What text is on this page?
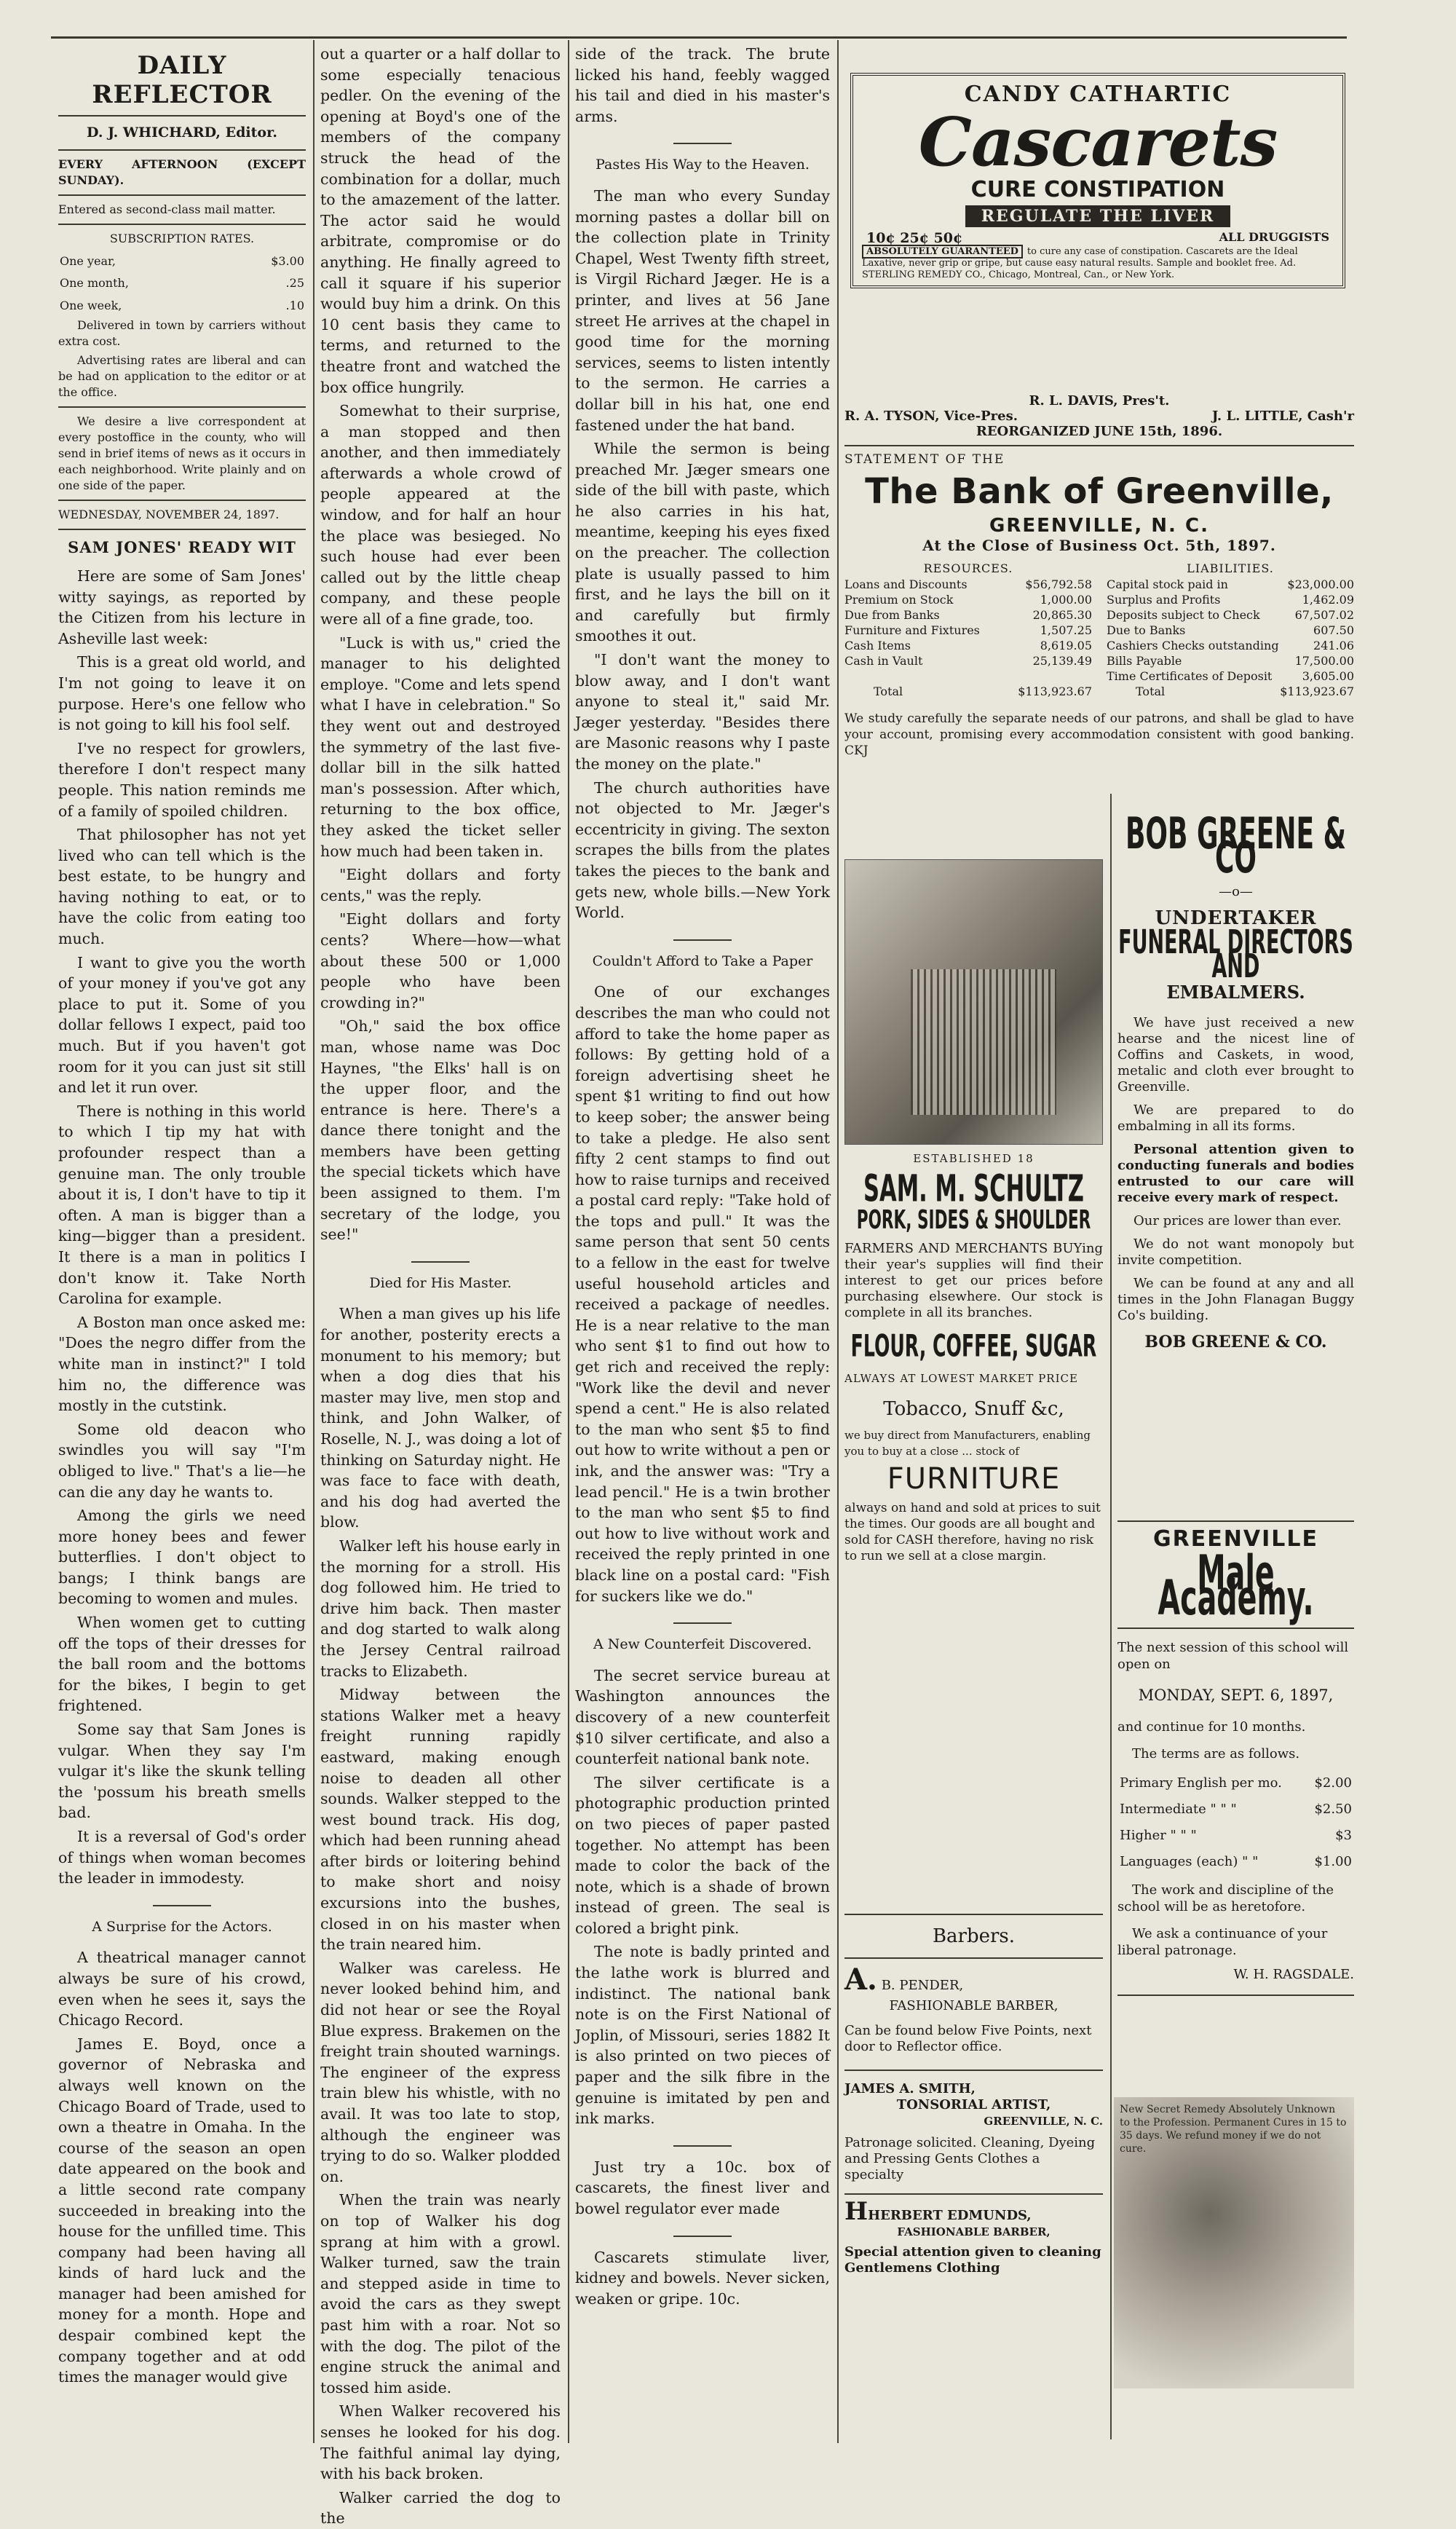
DAILY REFLECTOR

D. J. WHICHARD, Editor.

EVERY AFTERNOON (EXCEPT SUNDAY).

Entered as second-class mail matter.

SUBSCRIPTION RATES.

One year,	$3.00
One month,	.25
One week,	.10

Delivered in town by carriers without extra cost.

Advertising rates are liberal and can be had on application to the editor or at the office.

We desire a live correspondent at every postoffice in the county, who will send in brief items of news as it occurs in each neighborhood. Write plainly and on one side of the paper.

WEDNESDAY, NOVEMBER 24, 1897.

SAM JONES' READY WIT

Here are some of Sam Jones' witty sayings, as reported by the Citizen from his lecture in Asheville last week:

This is a great old world, and I'm not going to leave it on purpose. Here's one fellow who is not going to kill his fool self.

I've no respect for growlers, therefore I don't respect many people. This nation reminds me of a family of spoiled children.

That philosopher has not yet lived who can tell which is the best estate, to be hungry and having nothing to eat, or to have the colic from eating too much.

I want to give you the worth of your money if you've got any place to put it. Some of you dollar fellows I expect, paid too much. But if you haven't got room for it you can just sit still and let it run over.

There is nothing in this world to which I tip my hat with profounder respect than a genuine man. The only trouble about it is, I don't have to tip it often. A man is bigger than a king—bigger than a president. It there is a man in politics I don't know it. Take North Carolina for example.

A Boston man once asked me: "Does the negro differ from the white man in instinct?" I told him no, the difference was mostly in the cutstink.

Some old deacon who swindles you will say "I'm obliged to live." That's a lie—he can die any day he wants to.

Among the girls we need more honey bees and fewer butterflies. I don't object to bangs; I think bangs are becoming to women and mules.

When women get to cutting off the tops of their dresses for the ball room and the bottoms for the bikes, I begin to get frightened.

Some say that Sam Jones is vulgar. When they say I'm vulgar it's like the skunk telling the 'possum his breath smells bad.

It is a reversal of God's order of things when woman becomes the leader in immodesty.

A Surprise for the Actors.

A theatrical manager cannot always be sure of his crowd, even when he sees it, says the Chicago Record.

James E. Boyd, once a governor of Nebraska and always well known on the Chicago Board of Trade, used to own a theatre in Omaha. In the course of the season an open date appeared on the book and a little second rate company succeeded in breaking into the house for the unfilled time. This company had been having all kinds of hard luck and the manager had been amished for money for a month. Hope and despair combined kept the company together and at odd times the manager would give

out a quarter or a half dollar to some especially tenacious pedler. On the evening of the opening at Boyd's one of the members of the company struck the head of the combination for a dollar, much to the amazement of the latter. The actor said he would arbitrate, compromise or do anything. He finally agreed to call it square if his superior would buy him a drink. On this 10 cent basis they came to terms, and returned to the theatre front and watched the box office hungrily.

Somewhat to their surprise, a man stopped and then another, and then immediately afterwards a whole crowd of people appeared at the window, and for half an hour the place was besieged. No such house had ever been called out by the little cheap company, and these people were all of a fine grade, too.

"Luck is with us," cried the manager to his delighted employe. "Come and lets spend what I have in celebration." So they went out and destroyed the symmetry of the last five-dollar bill in the silk hatted man's possession. After which, returning to the box office, they asked the ticket seller how much had been taken in.

"Eight dollars and forty cents," was the reply.

"Eight dollars and forty cents? Where—how—what about these 500 or 1,000 people who have been crowding in?"

"Oh," said the box office man, whose name was Doc Haynes, "the Elks' hall is on the upper floor, and the entrance is here. There's a dance there tonight and the members have been getting the special tickets which have been assigned to them. I'm secretary of the lodge, you see!"

Died for His Master.

When a man gives up his life for another, posterity erects a monument to his memory; but when a dog dies that his master may live, men stop and think, and John Walker, of Roselle, N. J., was doing a lot of thinking on Saturday night. He was face to face with death, and his dog had averted the blow.

Walker left his house early in the morning for a stroll. His dog followed him. He tried to drive him back. Then master and dog started to walk along the Jersey Central railroad tracks to Elizabeth.

Midway between the stations Walker met a heavy freight running rapidly eastward, making enough noise to deaden all other sounds. Walker stepped to the west bound track. His dog, which had been running ahead after birds or loitering behind to make short and noisy excursions into the bushes, closed in on his master when the train neared him.

Walker was careless. He never looked behind him, and did not hear or see the Royal Blue express. Brakemen on the freight train shouted warnings. The engineer of the express train blew his whistle, with no avail. It was too late to stop, although the engineer was trying to do so. Walker plodded on.

When the train was nearly on top of Walker his dog sprang at him with a growl. Walker turned, saw the train and stepped aside in time to avoid the cars as they swept past him with a roar. Not so with the dog. The pilot of the engine struck the animal and tossed him aside.

When Walker recovered his senses he looked for his dog. The faithful animal lay dying, with his back broken.

Walker carried the dog to the

side of the track. The brute licked his hand, feebly wagged his tail and died in his master's arms.

Pastes His Way to the Heaven.

The man who every Sunday morning pastes a dollar bill on the collection plate in Trinity Chapel, West Twenty fifth street, is Virgil Richard Jæger. He is a printer, and lives at 56 Jane street He arrives at the chapel in good time for the morning services, seems to listen intently to the sermon. He carries a dollar bill in his hat, one end fastened under the hat band.

While the sermon is being preached Mr. Jæger smears one side of the bill with paste, which he also carries in his hat, meantime, keeping his eyes fixed on the preacher. The collection plate is usually passed to him first, and he lays the bill on it and carefully but firmly smoothes it out.

"I don't want the money to blow away, and I don't want anyone to steal it," said Mr. Jæger yesterday. "Besides there are Masonic reasons why I paste the money on the plate."

The church authorities have not objected to Mr. Jæger's eccentricity in giving. The sexton scrapes the bills from the plates takes the pieces to the bank and gets new, whole bills.—New York World.

Couldn't Afford to Take a Paper

One of our exchanges describes the man who could not afford to take the home paper as follows: By getting hold of a foreign advertising sheet he spent $1 writing to find out how to keep sober; the answer being to take a pledge. He also sent fifty 2 cent stamps to find out how to raise turnips and received a postal card reply: "Take hold of the tops and pull." It was the same person that sent 50 cents to a fellow in the east for twelve useful household articles and received a package of needles. He is a near relative to the man who sent $1 to find out how to get rich and received the reply: "Work like the devil and never spend a cent." He is also related to the man who sent $5 to find out how to write without a pen or ink, and the answer was: "Try a lead pencil." He is a twin brother to the man who sent $5 to find out how to live without work and received the reply printed in one black line on a postal card: "Fish for suckers like we do."

A New Counterfeit Discovered.

The secret service bureau at Washington announces the discovery of a new counterfeit $10 silver certificate, and also a counterfeit national bank note.

The silver certificate is a photographic production printed on two pieces of paper pasted together. No attempt has been made to color the back of the note, which is a shade of brown instead of green. The seal is colored a bright pink.

The note is badly printed and the lathe work is blurred and indistinct. The national bank note is on the First National of Joplin, of Missouri, series 1882 It is also printed on two pieces of paper and the silk fibre in the genuine is imitated by pen and ink marks.

Just try a 10c. box of cascarets, the finest liver and bowel regulator ever made

Cascarets stimulate liver, kidney and bowels. Never sicken, weaken or gripe. 10c.

CANDY CATHARTIC
Cascarets
CURE CONSTIPATION
REGULATE THE LIVER
10¢ 25¢ 50¢	ALL DRUGGISTS
ABSOLUTELY GUARANTEED to cure any case of constipation. Cascarets are the Ideal Laxative, never grip or gripe, but cause easy natural results. Sample and booklet free. Ad. STERLING REMEDY CO., Chicago, Montreal, Can., or New York.
R. L. DAVIS, Pres't.
R. A. TYSON, Vice-Pres.	J. L. LITTLE, Cash'r
REORGANIZED JUNE 15th, 1896.
STATEMENT OF THE
The Bank of Greenville,
GREENVILLE, N. C.
At the Close of Business Oct. 5th, 1897.
RESOURCES.	
Loans and Discounts	$56,792.58
Premium on Stock	1,000.00
Due from Banks	20,865.30
Furniture and Fixtures	1,507.25
Cash Items	8,619.05
Cash in Vault	25,139.49

Total	$113,923.67
LIABILITIES.	
Capital stock paid in	$23,000.00
Surplus and Profits	1,462.09
Deposits subject to Check	67,507.02
Due to Banks	607.50
Cashiers Checks outstanding	241.06
Bills Payable	17,500.00
Time Certificates of Deposit	3,605.00
Total	$113,923.67

We study carefully the separate needs of our patrons, and shall be glad to have your account, promising every accommodation consistent with good banking. CKJ

ESTABLISHED 18
SAM. M. SCHULTZ
PORK, SIDES & SHOULDER

FARMERS AND MERCHANTS BUYing their year's supplies will find their interest to get our prices before purchasing elsewhere. Our stock is complete in all its branches.

FLOUR, COFFEE, SUGAR
ALWAYS AT LOWEST MARKET PRICE
Tobacco, Snuff &c,

we buy direct from Manufacturers, enabling you to buy at a close ... stock of

FURNITURE

always on hand and sold at prices to suit the times. Our goods are all bought and sold for CASH therefore, having no risk to run we sell at a close margin.

Barbers.
A. B. PENDER,
FASHIONABLE BARBER,

Can be found below Five Points, next door to Reflector office.

JAMES A. SMITH,
TONSORIAL ARTIST,
GREENVILLE, N. C.

Patronage solicited. Cleaning, Dyeing and Pressing Gents Clothes a specialty

HHERBERT EDMUNDS,
FASHIONABLE BARBER,

Special attention given to cleaning Gentlemens Clothing

BOB GREENE & CO
—o—
UNDERTAKER
FUNERAL DIRECTORS AND
EMBALMERS.

We have just received a new hearse and the nicest line of Coffins and Caskets, in wood, metalic and cloth ever brought to Greenville.

We are prepared to do embalming in all its forms.

Personal attention given to conducting funerals and bodies entrusted to our care will receive every mark of respect.

Our prices are lower than ever.

We do not want monopoly but invite competition.

We can be found at any and all times in the John Flanagan Buggy Co's building.

BOB GREENE & CO.
GREENVILLE
Male Academy.

The next session of this school will open on

MONDAY, SEPT. 6, 1897,

and continue for 10 months.

The terms are as follows.

Primary English per mo.	$2.00
Intermediate " " "	$2.50
Higher " " "	$3
Languages (each) " "	$1.00

The work and discipline of the school will be as heretofore.

We ask a continuance of your liberal patronage.

W. H. RAGSDALE.

New Secret Remedy Absolutely Unknown to the Profession. Permanent Cures in 15 to 35 days. We refund money if we do not cure.
